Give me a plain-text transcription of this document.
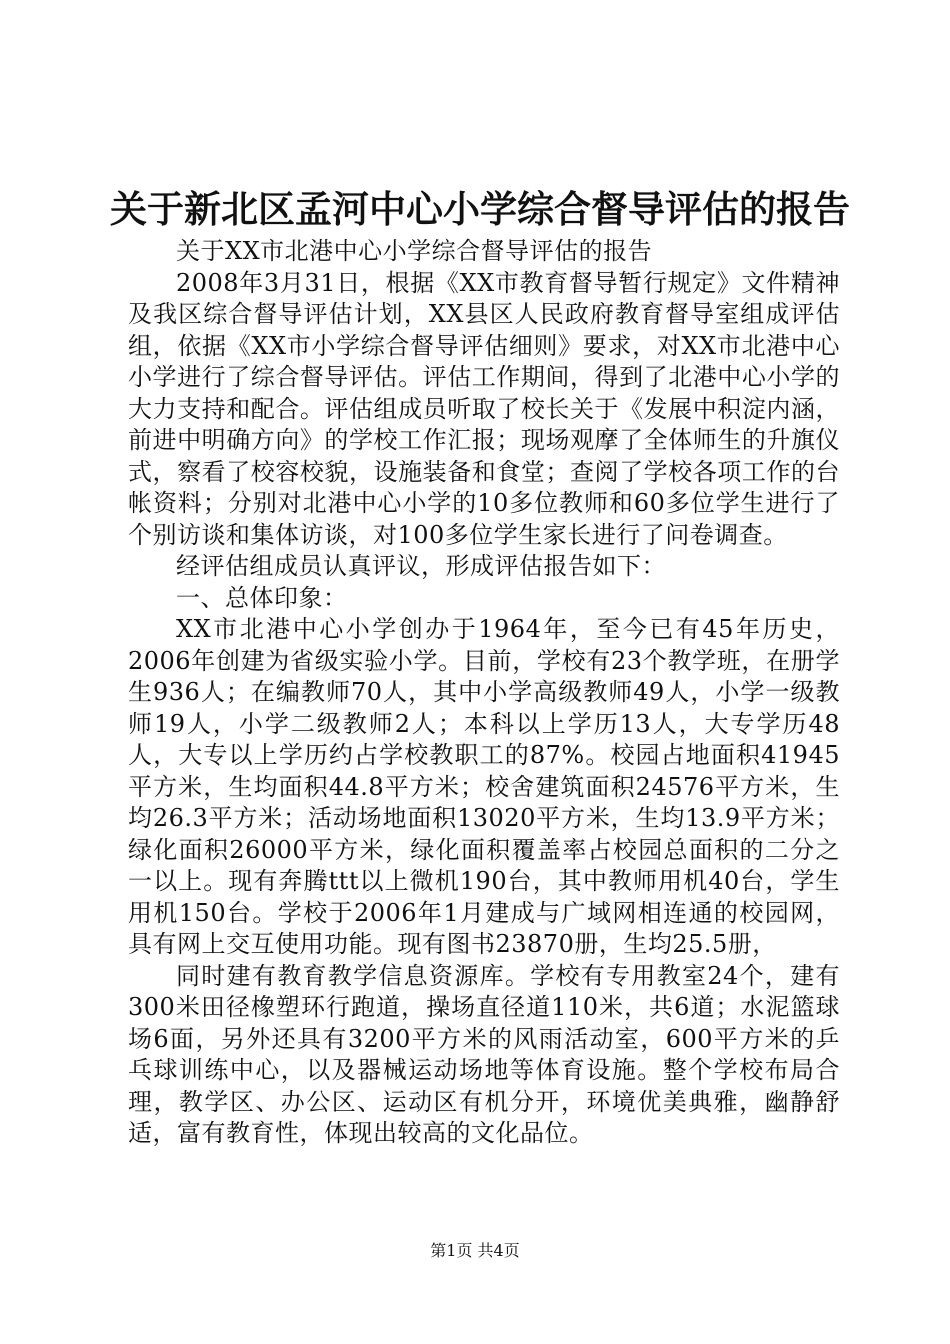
关于新北区孟河中心小学综合督导评估的报告

关于XX市北港中心小学综合督导评估的报告

2008年3月31日，根据《XX市教育督导暂行规定》文件精神及我区综合督导评估计划，XX县区人民政府教育督导室组成评估组，依据《XX市小学综合督导评估细则》要求，对XX市北港中心小学进行了综合督导评估。评估工作期间，得到了北港中心小学的大力支持和配合。评估组成员听取了校长关于《发展中积淀内涵，前进中明确方向》的学校工作汇报；现场观摩了全体师生的升旗仪式，察看了校容校貌，设施装备和食堂；查阅了学校各项工作的台帐资料；分别对北港中心小学的10多位教师和60多位学生进行了个别访谈和集体访谈，对100多位学生家长进行了问卷调查。

经评估组成员认真评议，形成评估报告如下：

一、总体印象：

XX市北港中心小学创办于1964年，至今已有45年历史，2006年创建为省级实验小学。目前，学校有23个教学班，在册学生936人；在编教师70人，其中小学高级教师49人，小学一级教师19人，小学二级教师2人；本科以上学历13人，大专学历48人，大专以上学历约占学校教职工的87%。校园占地面积41945平方米，生均面积44.8平方米；校舍建筑面积24576平方米，生均26.3平方米；活动场地面积13020平方米，生均13.9平方米；绿化面积26000平方米，绿化面积覆盖率占校园总面积的二分之一以上。现有奔腾ttt以上微机190台，其中教师用机40台，学生用机150台。学校于2006年1月建成与广域网相连通的校园网，具有网上交互使用功能。现有图书23870册，生均25.5册，

同时建有教育教学信息资源库。学校有专用教室24个，建有300米田径橡塑环行跑道，操场直径道110米，共6道；水泥篮球场6面，另外还具有3200平方米的风雨活动室，600平方米的乒乓球训练中心，以及器械运动场地等体育设施。整个学校布局合理，教学区、办公区、运动区有机分开，环境优美典雅，幽静舒适，富有教育性，体现出较高的文化品位。

第1页 共4页
